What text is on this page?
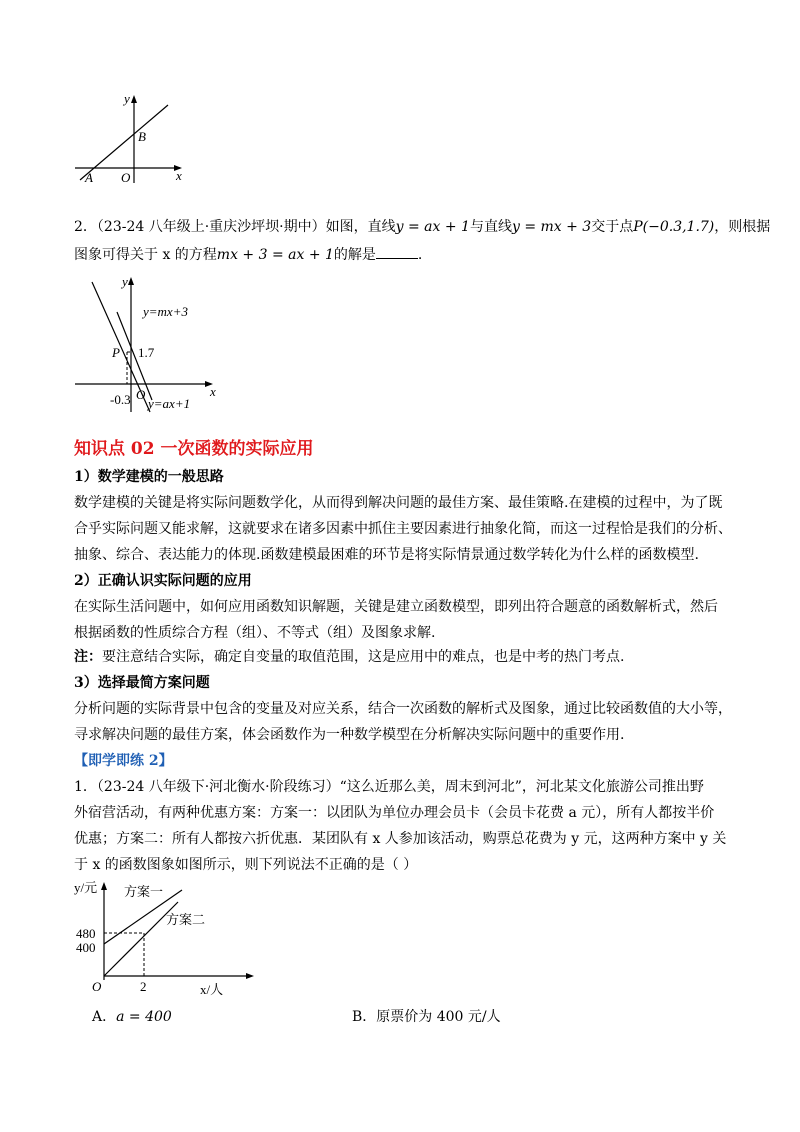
y
x
O
A
B
2．（23-24 八年级上·重庆沙坪坝·期中）如图，直线y = ax + 1与直线y = mx + 3交于点P(−0.3,1.7)，则根据
图象可得关于 x 的方程mx + 3 = ax + 1的解是	.
y
x
O
P
y=mx+3
y=ax+1
1.7
-0.3
知识点 02 一次函数的实际应用
1）数学建模的一般思路
数学建模的关键是将实际问题数学化，从而得到解决问题的最佳方案、最佳策略.在建模的过程中，为了既
合乎实际问题又能求解，这就要求在诸多因素中抓住主要因素进行抽象化简，而这一过程恰是我们的分析、
抽象、综合、表达能力的体现.函数建模最困难的环节是将实际情景通过数学转化为什么样的函数模型.
2）正确认识实际问题的应用
在实际生活问题中，如何应用函数知识解题，关键是建立函数模型，即列出符合题意的函数解析式，然后
根据函数的性质综合方程（组）、不等式（组）及图象求解.
注：要注意结合实际，确定自变量的取值范围，这是应用中的难点，也是中考的热门考点.
3）选择最简方案问题
分析问题的实际背景中包含的变量及对应关系，结合一次函数的解析式及图象，通过比较函数值的大小等，
寻求解决问题的最佳方案，体会函数作为一种数学模型在分析解决实际问题中的重要作用.
【即学即练 2】
1．（23-24 八年级下·河北衡水·阶段练习）“这么近那么美，周末到河北”，河北某文化旅游公司推出野
外宿营活动，有两种优惠方案：方案一：以团队为单位办理会员卡（会员卡花费 a 元），所有人都按半价
优惠；方案二：所有人都按六折优惠．某团队有 x 人参加该活动，购票总花费为 y 元，这两种方案中 y 关
于 x 的函数图象如图所示，则下列说法不正确的是（ ）
y/元
x/人
O
方案一
方案二
480
400
2
A．a = 400	B．原票价为 400 元/人
